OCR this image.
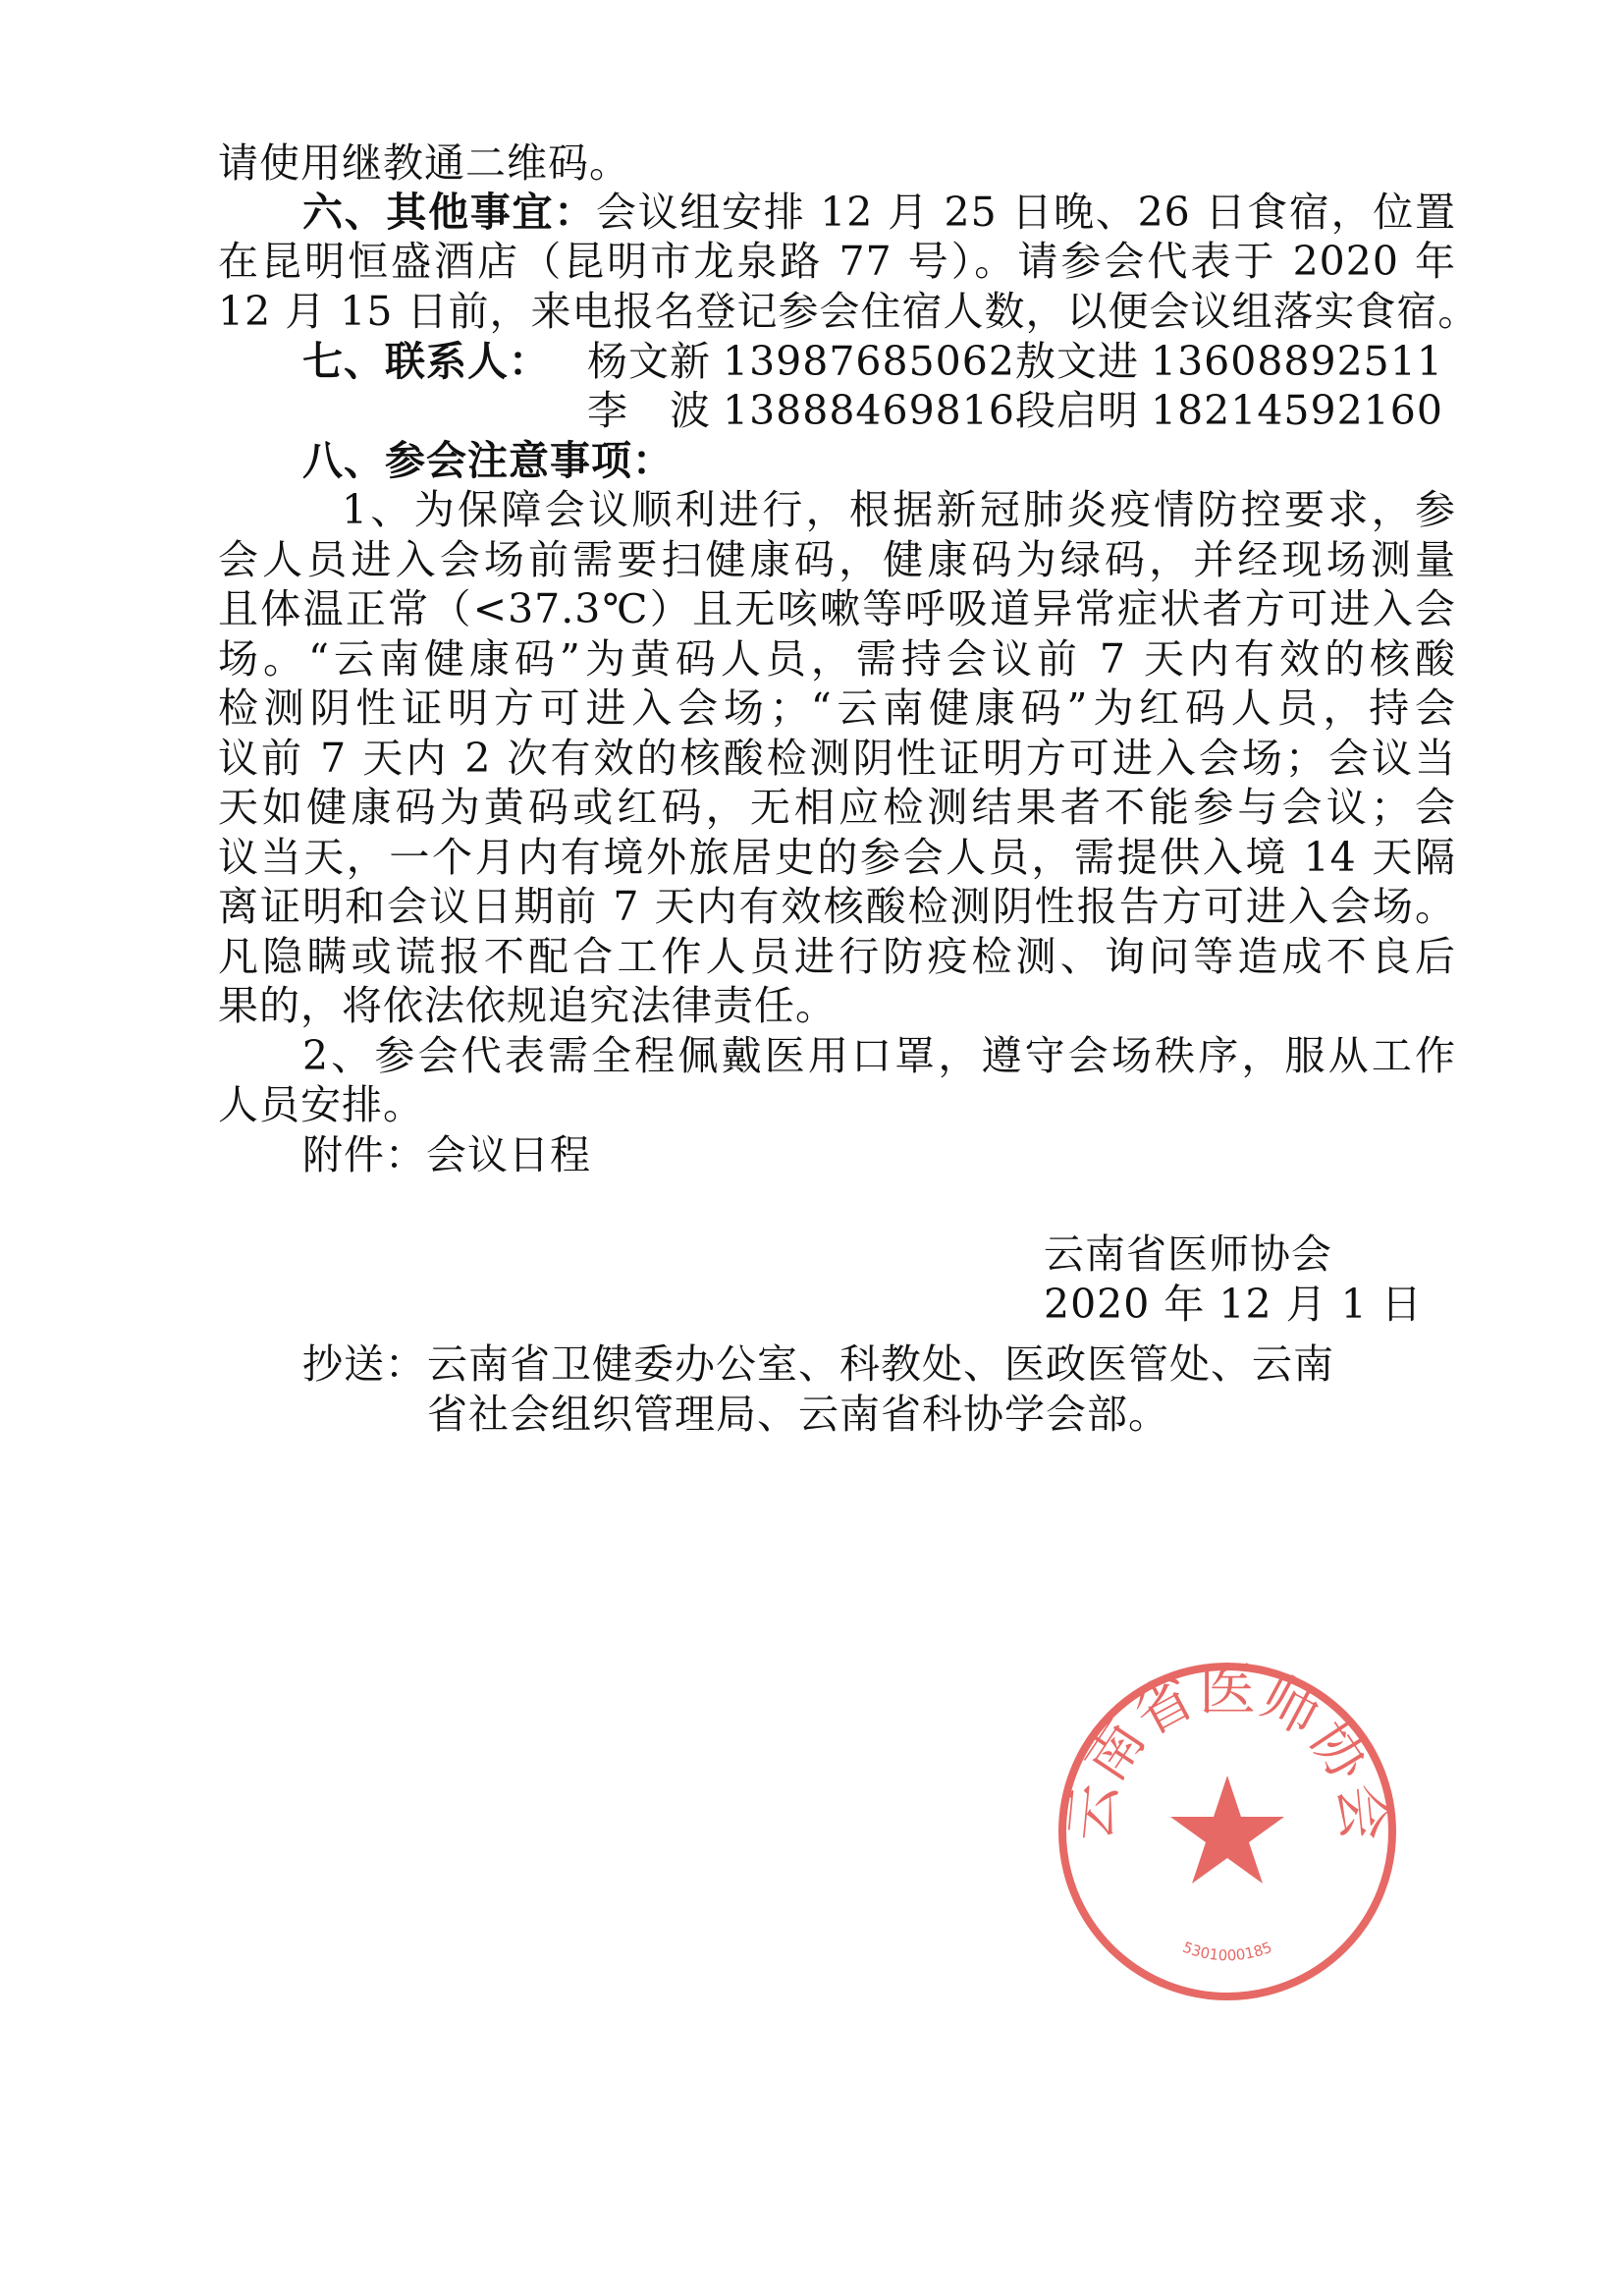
请使用继教通二维码。
六、其他事宜：会议组安排 12 月 25 日晚、26 日食宿，位置
在昆明恒盛酒店（昆明市龙泉路 77 号）。请参会代表于 2020 年
12 月 15 日前，来电报名登记参会住宿人数，以便会议组落实食宿。
七、联系人： 杨文新 13987685062 敖文进 13608892511
李　波 13888469816 段启明 18214592160
八、参会注意事项：
1、为保障会议顺利进行，根据新冠肺炎疫情防控要求，参
会人员进入会场前需要扫健康码，健康码为绿码，并经现场测量
且体温正常（<37.3℃）且无咳嗽等呼吸道异常症状者方可进入会
场。“云南健康码”为黄码人员，需持会议前 7 天内有效的核酸
检测阴性证明方可进入会场；“云南健康码”为红码人员，持会
议前 7 天内 2 次有效的核酸检测阴性证明方可进入会场；会议当
天如健康码为黄码或红码，无相应检测结果者不能参与会议；会
议当天，一个月内有境外旅居史的参会人员，需提供入境 14 天隔
离证明和会议日期前 7 天内有效核酸检测阴性报告方可进入会场。
凡隐瞒或谎报不配合工作人员进行防疫检测、询问等造成不良后
果的，将依法依规追究法律责任。
2、参会代表需全程佩戴医用口罩，遵守会场秩序，服从工作
人员安排。
附件：会议日程
云南省医师协会
5301000185
云南省医师协会
2020 年 12 月 1 日
抄送： 云南省卫健委办公室、科教处、医政医管处、云南
省社会组织管理局、云南省科协学会部。
